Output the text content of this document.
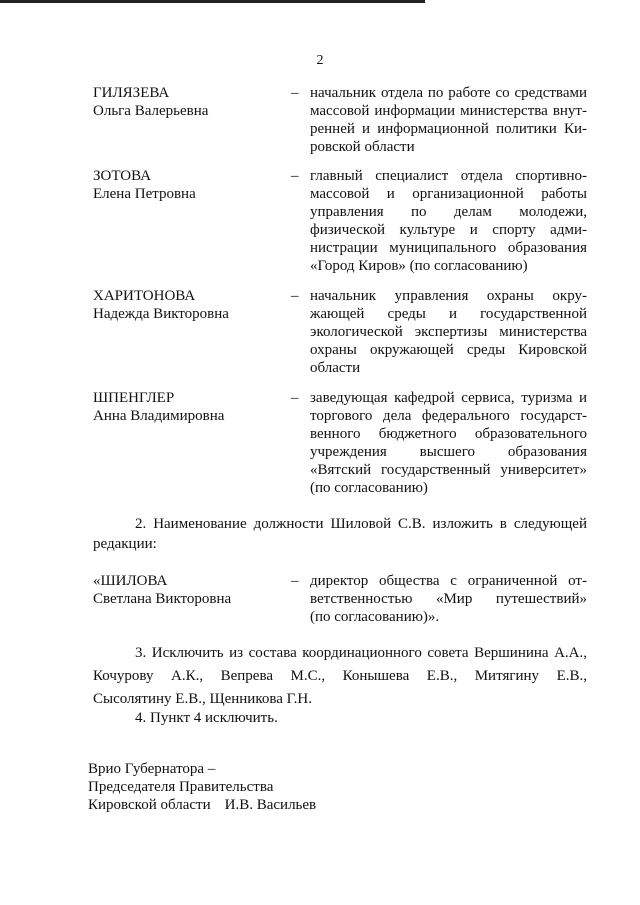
2
ГИЛЯЗЕВА
Ольга Валерьевна
– начальник отдела по работе со средствами
массовой информации министерства внут-
ренней и информационной политики Ки-
ровской области
ЗОТОВА
Елена Петровна
– главный специалист отдела спортивно-
массовой и организационной работы
управления по делам молодежи,
физической культуре и спорту адми-
нистрации муниципального образования
«Город Киров» (по согласованию)
ХАРИТОНОВА
Надежда Викторовна
– начальник управления охраны окру-
жающей среды и государственной
экологической экспертизы министерства
охраны окружающей среды Кировской
области
ШПЕНГЛЕР
Анна Владимировна
– заведующая кафедрой сервиса, туризма и
торгового дела федерального государст-
венного бюджетного образовательного
учреждения высшего образования
«Вятский государственный университет»
(по согласованию)
2. Наименование должности Шиловой С.В. изложить в следующей
редакции:
«ШИЛОВА
Светлана Викторовна
– директор общества с ограниченной от-
ветственностью «Мир путешествий»
(по согласованию)».
3. Исключить из состава координационного совета Вершинина А.А.,
Кочурову А.К., Вепрева М.С., Конышева Е.В., Митягину Е.В.,
Сысолятину Е.В., Щенникова Г.Н.
4. Пункт 4 исключить.
Врио Губернатора –
Председателя Правительства
Кировской области И.В. Васильев
